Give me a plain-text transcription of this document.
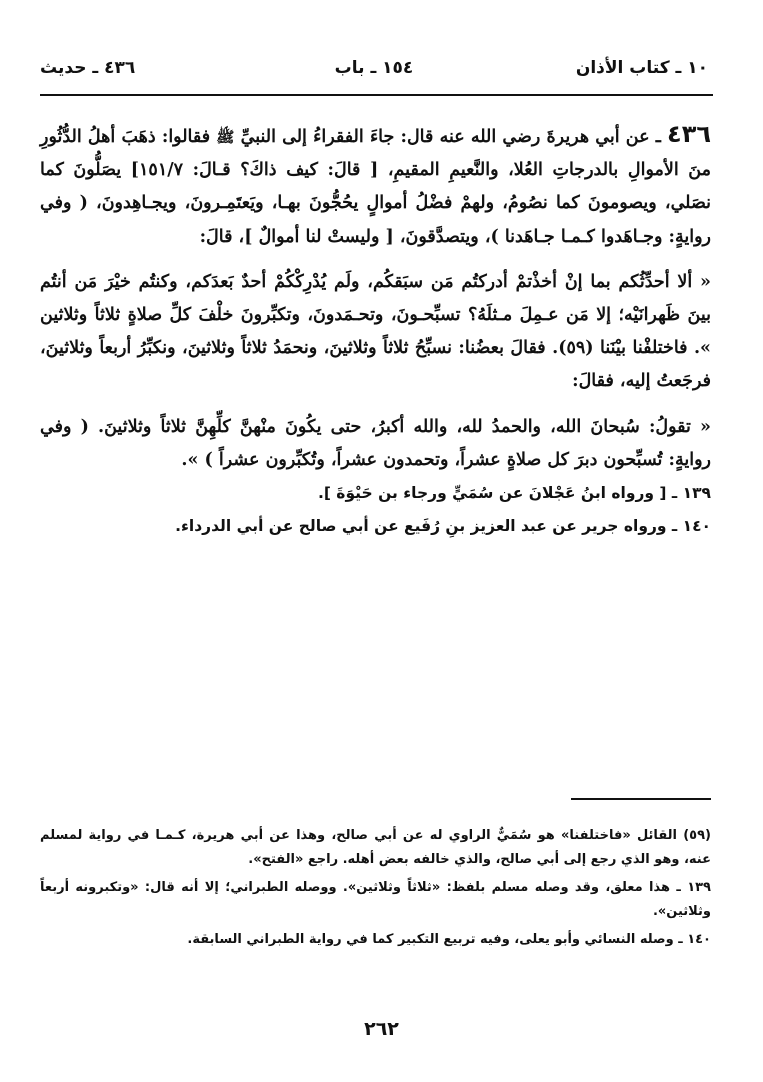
١٠ ـ كتاب الأذان
١٥٤ ـ باب
٤٣٦ ـ حديث

٤٣٦ ـ عن أبي هريرةَ رضي الله عنه قال: جاءَ الفقراءُ إلى النبيِّ ﷺ فقالوا: ذهَبَ أهلُ الدُّثُورِ منَ الأموالِ بالدرجاتِ العُلا، والنَّعيمِ المقيمِ، [ قالَ: كيف ذاكَ؟ قـالَ: ١٥١/٧] يصَلُّونَ كما نصَلي، ويصومونَ كما نصُومُ، ولهمْ فضْلُ أموالٍ يحُجُّونَ بهـا، ويَعتَمِـرونَ، ويجـاهِدونَ، ( وفي روايةٍ: وجـاهَدوا كـمـا جـاهَدنا )، ويتصدَّقونَ، [ وليستْ لنا أموالٌ ]، قالَ:

« ألا أحدِّثُكم بما إنْ أخذْتمْ أدركتُم مَن سبَقكُم، ولَم يُدْرِكْكُمْ أحدٌ بَعدَكم، وكنتُم خيْرَ مَن أنتُم بينَ ظَهرانَيْه؛ إلا مَن عـمِلَ مـثلَهُ؟ تسبِّحـونَ، وتحـمَدونَ، وتكبِّرونَ خلْفَ كلِّ صلاةٍ ثلاثاً وثلاثين ». فاختلفْنا بيْنَنا (٥٩). فقالَ بعضُنا: نسبِّحُ ثلاثاً وثلاثينَ، ونحمَدُ ثلاثاً وثلاثينَ، ونكبِّرُ أربعاً وثلاثينَ، فرجَعتُ إليه، فقالَ:

« تقولُ: سُبحانَ الله، والحمدُ لله، والله أكبرُ، حتى يكُونَ منْهنَّ كلِّهِنَّ ثلاثاً وثلاثينَ. ( وفي روايةٍ: تُسبِّحون دبرَ كل صلاةٍ عشراً، وتحمدون عشراً، وتُكبِّرون عشراً ) ».

١٣٩ ـ [ ورواه ابنُ عَجْلانَ عن سُمَيٍّ ورجاء بن حَيْوَةَ ].

١٤٠ ـ ورواه جرير عن عبد العزيز بنِ رُفَيع عن أبي صالح عن أبي الدرداء.

(٥٩) القائل «فاختلفنا» هو سُمَيٌّ الراوي له عن أبي صالح، وهذا عن أبي هريرة، كـمـا في رواية لمسلم عنه، وهو الذي رجع إلى أبي صالح، والذي خالفه بعض أهله. راجع «الفتح».

١٣٩ ـ هذا معلق، وقد وصله مسلم بلفظ: «ثلاثاً وثلاثين». ووصله الطبراني؛ إلا أنه قال: «وتكبرونه أربعاً وثلاثين».

١٤٠ ـ وصله النسائي وأبو يعلى، وفيه تربيع التكبير كما في رواية الطبراني السابقة.

٢٦٢
